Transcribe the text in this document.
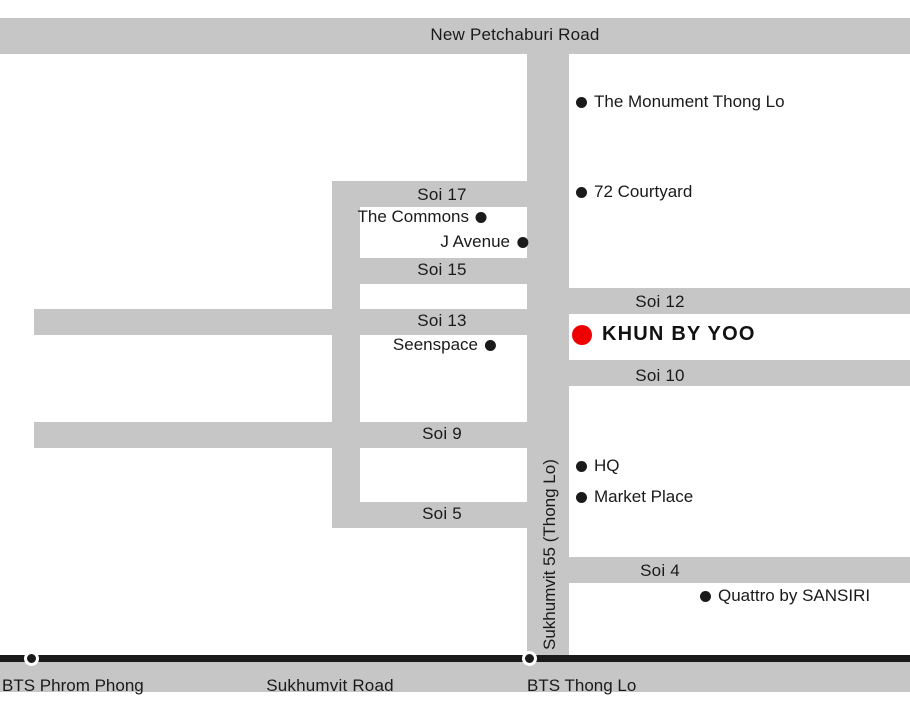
New Petchaburi Road
Sukhumvit 55 (Thong Lo)
Sukhumvit Road
Soi 17
Soi 15
Soi 13
Soi 9
Soi 5
Soi 12
Soi 10
Soi 4
The Monument Thong Lo
72 Courtyard
The Commons
J Avenue
Seenspace
HQ
Market Place
Quattro by SANSIRI
KHUN BY YOO
BTS Phrom Phong	BTS Thong Lo
